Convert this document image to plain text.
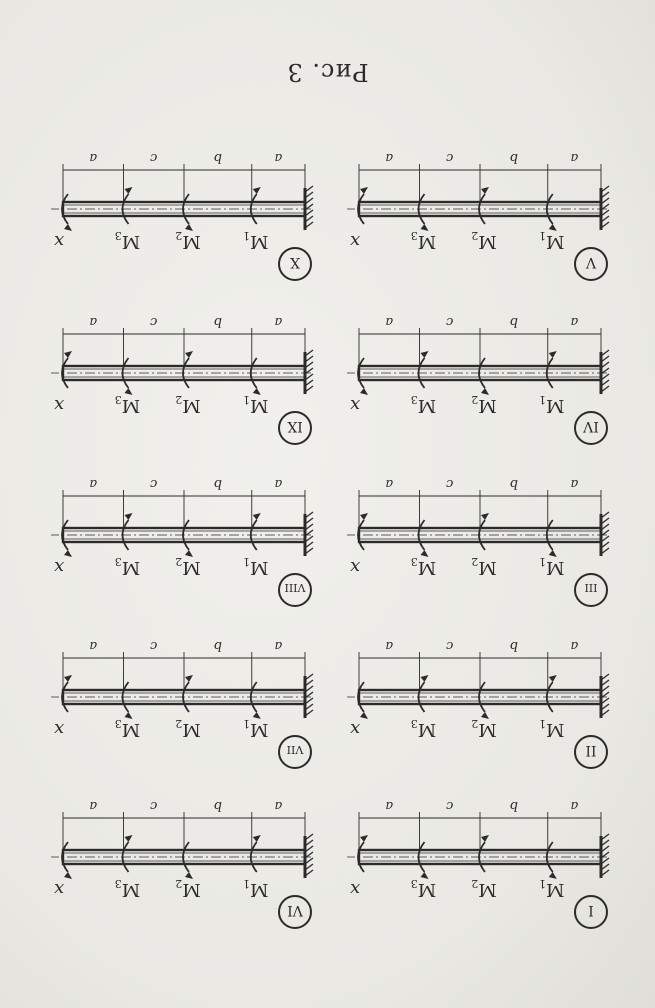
I
$M_1$
$M_2$
$M_3$
x
a
b
c
a
II
$M_1$
$M_2$
$M_3$
x
a
b
c
a
III
$M_1$
$M_2$
$M_3$
x
a
b
c
a
IV
$M_1$
$M_2$
$M_3$
x
a
b
c
a
V
$M_1$
$M_2$
$M_3$
x
a
b
c
a
VI
$M_1$
$M_2$
$M_3$
x
a
b
c
a
VII
$M_1$
$M_2$
$M_3$
x
a
b
c
a
VIII
$M_1$
$M_2$
$M_3$
x
a
b
c
a
IX
$M_1$
$M_2$
$M_3$
x
a
b
c
a
X
$M_1$
$M_2$
$M_3$
x
a
b
c
a
Рис. 3
